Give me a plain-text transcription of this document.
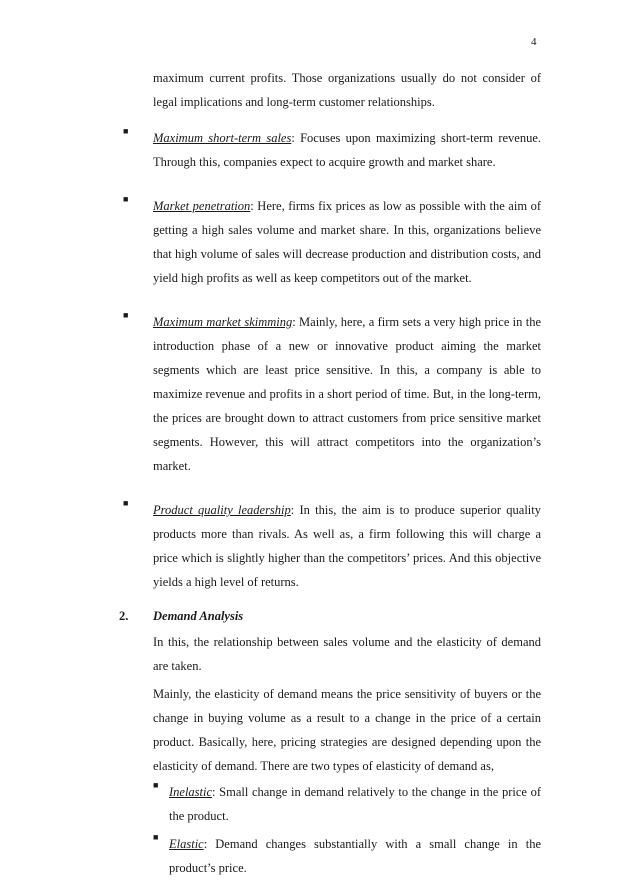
4

maximum current profits. Those organizations usually do not consider of legal implications and long-term customer relationships.

■ Maximum short-term sales: Focuses upon maximizing short-term revenue. Through this, companies expect to acquire growth and market share.

■ Market penetration: Here, firms fix prices as low as possible with the aim of getting a high sales volume and market share. In this, organizations believe that high volume of sales will decrease production and distribution costs, and yield high profits as well as keep competitors out of the market.

■ Maximum market skimming: Mainly, here, a firm sets a very high price in the introduction phase of a new or innovative product aiming the market segments which are least price sensitive. In this, a company is able to maximize revenue and profits in a short period of time. But, in the long-term, the prices are brought down to attract customers from price sensitive market segments. However, this will attract competitors into the organization’s market.

■ Product quality leadership: In this, the aim is to produce superior quality products more than rivals. As well as, a firm following this will charge a price which is slightly higher than the competitors’ prices. And this objective yields a high level of returns.

2. Demand Analysis

In this, the relationship between sales volume and the elasticity of demand are taken.

Mainly, the elasticity of demand means the price sensitivity of buyers or the change in buying volume as a result to a change in the price of a certain product. Basically, here, pricing strategies are designed depending upon the elasticity of demand. There are two types of elasticity of demand as,

■ Inelastic: Small change in demand relatively to the change in the price of the product.

■ Elastic: Demand changes substantially with a small change in the product’s price.
